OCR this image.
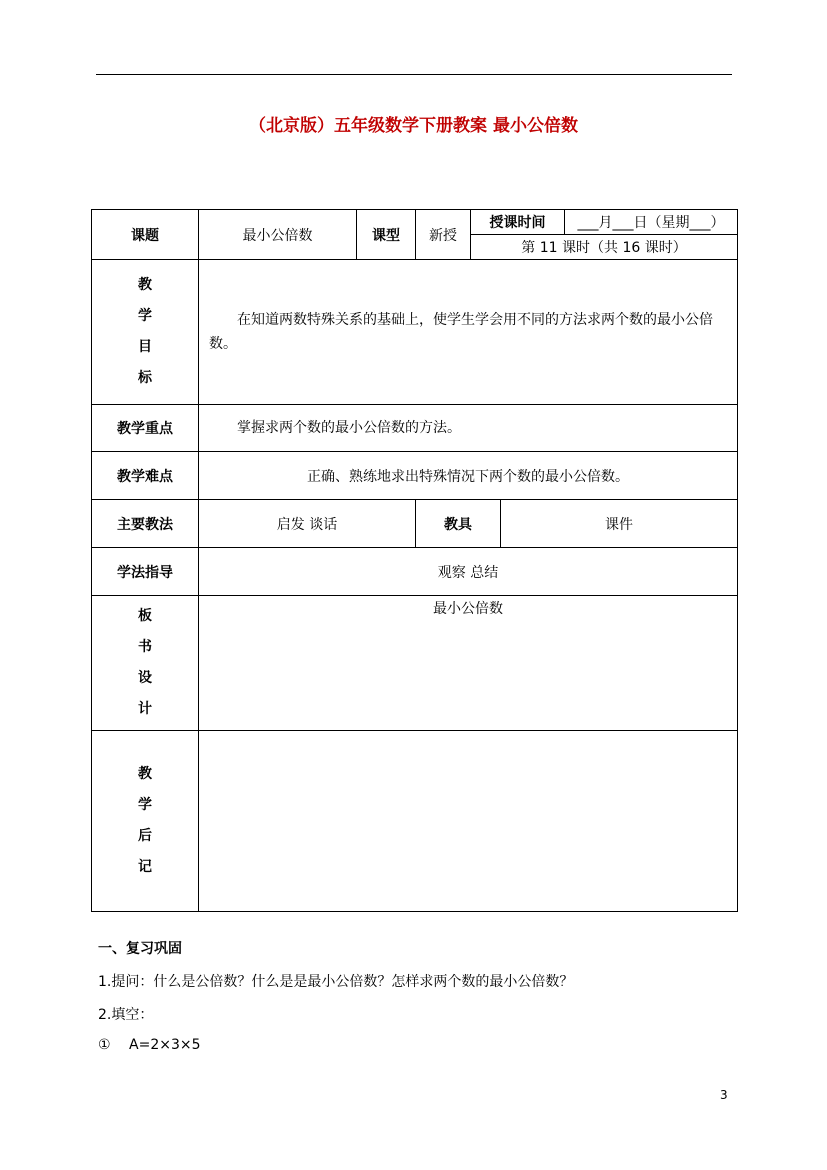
（北京版）五年级数学下册教案 最小公倍数
课题	最小公倍数	课型	新授	授课时间		___月___日（星期___）
				第 11 课时（共 16 课时）		

教
学
目
标	在知道两数特殊关系的基础上，使学生学会用不同的方法求两个数的最小公倍数。					
教学重点	掌握求两个数的最小公倍数的方法。					
教学难点	正确、熟练地求出特殊情况下两个数的最小公倍数。					
主要教法	启发 谈话		教具		课件	
学法指导	观察 总结					

板
书
设
计	最小公倍数					

教
学
后
记						

一、复习巩固
1.提问：什么是公倍数？什么是是最小公倍数？怎样求两个数的最小公倍数？
2.填空：
① A=2×3×5
3
